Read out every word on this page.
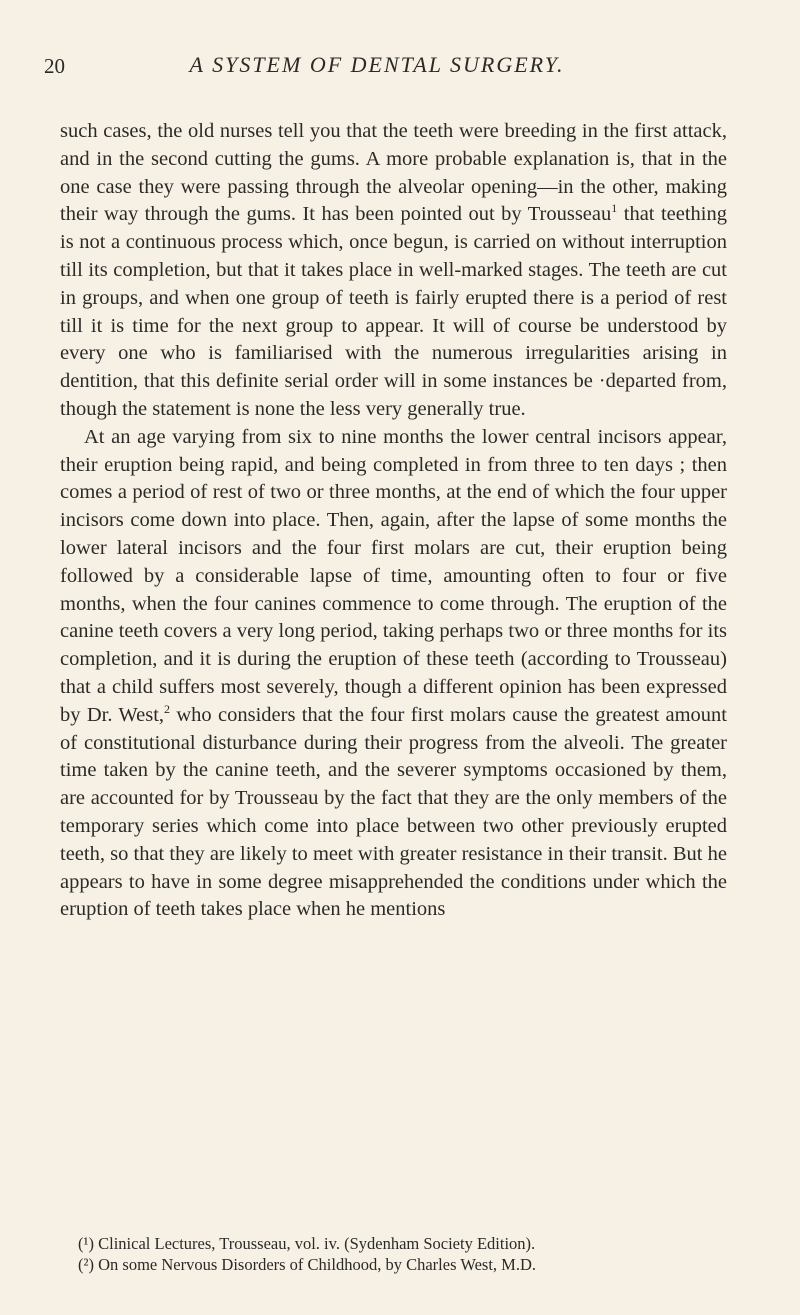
20	A SYSTEM OF DENTAL SURGERY.

such cases, the old nurses tell you that the teeth were breeding in the first attack, and in the second cutting the gums. A more probable explanation is, that in the one case they were passing through the alveolar opening—in the other, making their way through the gums. It has been pointed out by Trousseau$^1$ that teething is not a continuous process which, once begun, is carried on without interruption till its completion, but that it takes place in well-marked stages. The teeth are cut in groups, and when one group of teeth is fairly erupted there is a period of rest till it is time for the next group to appear. It will of course be understood by every one who is familiarised with the numerous irregularities arising in dentition, that this definite serial order will in some instances be ·departed from, though the statement is none the less very generally true.

At an age varying from six to nine months the lower central incisors appear, their eruption being rapid, and being completed in from three to ten days ; then comes a period of rest of two or three months, at the end of which the four upper incisors come down into place. Then, again, after the lapse of some months the lower lateral incisors and the four first molars are cut, their eruption being followed by a considerable lapse of time, amounting often to four or five months, when the four canines commence to come through. The eruption of the canine teeth covers a very long period, taking perhaps two or three months for its completion, and it is during the eruption of these teeth (according to Trousseau) that a child suffers most severely, though a different opinion has been expressed by Dr. West,$^2$ who considers that the four first molars cause the greatest amount of constitutional disturbance during their progress from the alveoli. The greater time taken by the canine teeth, and the severer symptoms occasioned by them, are accounted for by Trousseau by the fact that they are the only members of the temporary series which come into place between two other previously erupted teeth, so that they are likely to meet with greater resistance in their transit. But he appears to have in some degree misapprehended the conditions under which the eruption of teeth takes place when he mentions

(¹) Clinical Lectures, Trousseau, vol. iv. (Sydenham Society Edition).
(²) On some Nervous Disorders of Childhood, by Charles West, M.D.
